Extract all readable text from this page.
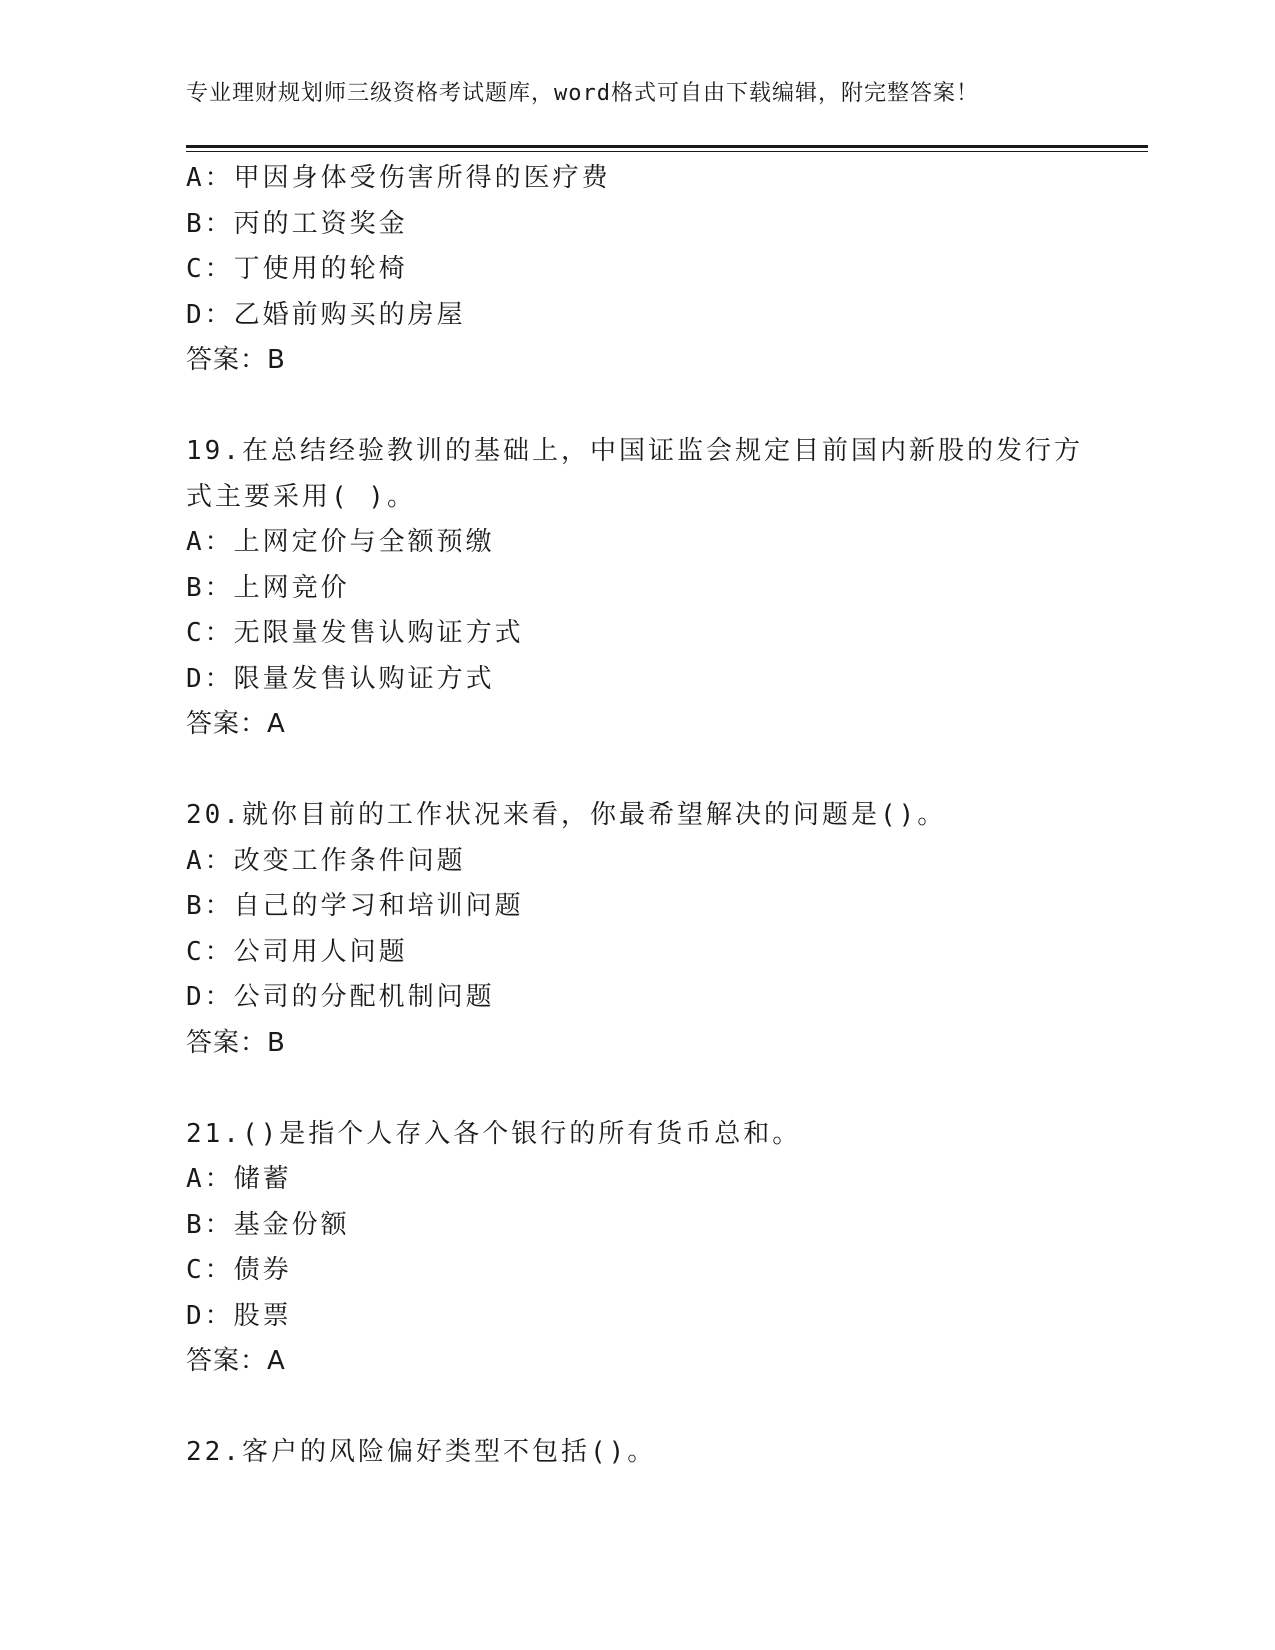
专业理财规划师三级资格考试题库，word格式可自由下载编辑，附完整答案！
A：甲因身体受伤害所得的医疗费
B：丙的工资奖金
C：丁使用的轮椅
D：乙婚前购买的房屋
答案：B
19.在总结经验教训的基础上，中国证监会规定目前国内新股的发行方
式主要采用( )。
A：上网定价与全额预缴
B：上网竞价
C：无限量发售认购证方式
D：限量发售认购证方式
答案：A
20.就你目前的工作状况来看，你最希望解决的问题是()。
A：改变工作条件问题
B：自己的学习和培训问题
C：公司用人问题
D：公司的分配机制问题
答案：B
21.()是指个人存入各个银行的所有货币总和。
A：储蓄
B：基金份额
C：债券
D：股票
答案：A
22.客户的风险偏好类型不包括()。
